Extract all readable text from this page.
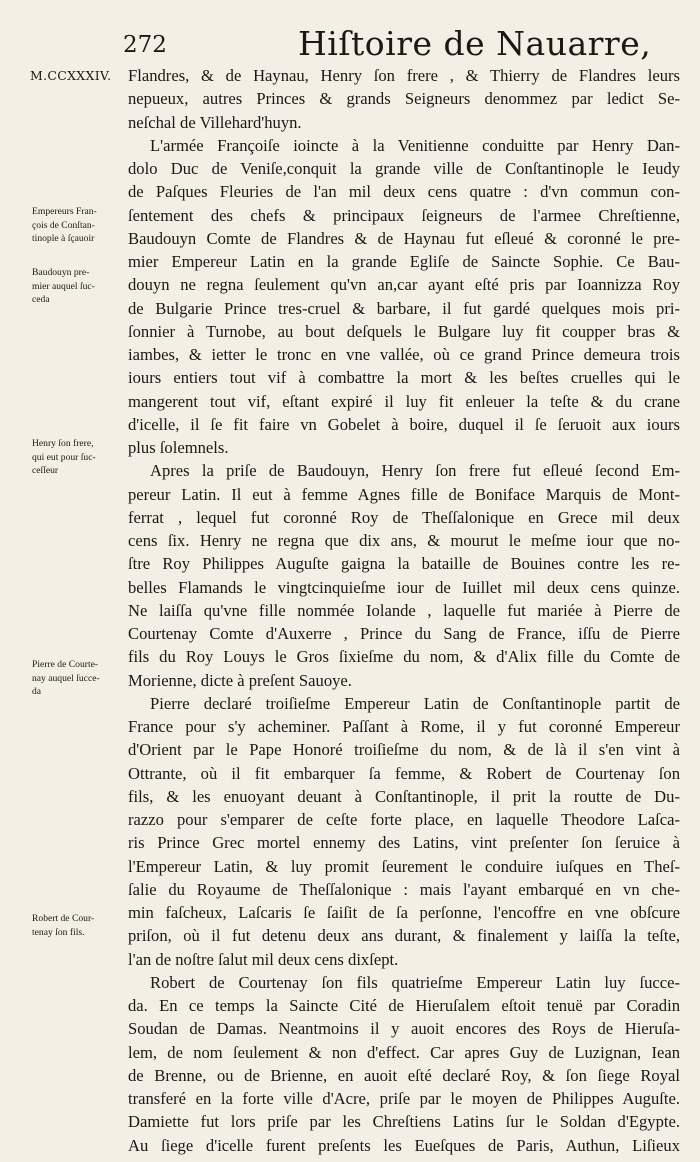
272	Hiſtoire de Nauarre,
M.CCXXXIV.
Empereurs Fran-
çois de Conſtan-
tinople à ſçauoir
Baudouyn pre-
mier auquel ſuc-
ceda
Henry ſon frere,
qui eut pour ſuc-
ceſſeur
Pierre de Courte-
nay auquel ſucce-
da
Robert de Cour-
tenay ſon fils.
Flandres, & de Haynau, Henry ſon frere , & Thierry de Flandres leurs
nepueux, autres Princes & grands Seigneurs denommez par ledict Se-
neſchal de Villehard'huyn.
L'armée Françoiſe ioincte à la Venitienne conduitte par Henry Dan-
dolo Duc de Veniſe,conquit la grande ville de Conſtantinople le Ieudy
de Paſques Fleuries de l'an mil deux cens quatre : d'vn commun con-
ſentement des chefs & principaux ſeigneurs de l'armee Chreſtienne,
Baudouyn Comte de Flandres & de Haynau fut eſleué & coronné le pre-
mier Empereur Latin en la grande Egliſe de Saincte Sophie. Ce Bau-
douyn ne regna ſeulement qu'vn an,car ayant eſté pris par Ioannizza Roy
de Bulgarie Prince tres-cruel & barbare, il fut gardé quelques mois pri-
ſonnier à Turnobe, au bout deſquels le Bulgare luy fit coupper bras &
iambes, & ietter le tronc en vne vallée, où ce grand Prince demeura trois
iours entiers tout vif à combattre la mort & les beſtes cruelles qui le
mangerent tout vif, eſtant expiré il luy fit enleuer la teſte & du crane
d'icelle, il ſe fit faire vn Gobelet à boire, duquel il ſe ſeruoit aux iours
plus ſolemnels.
Apres la priſe de Baudouyn, Henry ſon frere fut eſleué ſecond Em-
pereur Latin. Il eut à femme Agnes fille de Boniface Marquis de Mont-
ferrat , lequel fut coronné Roy de Theſſalonique en Grece mil deux
cens ſix. Henry ne regna que dix ans, & mourut le meſme iour que no-
ſtre Roy Philippes Auguſte gaigna la bataille de Bouines contre les re-
belles Flamands le vingtcinquieſme iour de Iuillet mil deux cens quinze.
Ne laiſſa qu'vne fille nommée Iolande , laquelle fut mariée à Pierre de
Courtenay Comte d'Auxerre , Prince du Sang de France, iſſu de Pierre
fils du Roy Louys le Gros ſixieſme du nom, & d'Alix fille du Comte de
Morienne, dicte à preſent Sauoye.
Pierre declaré troiſieſme Empereur Latin de Conſtantinople partit de
France pour s'y acheminer. Paſſant à Rome, il y fut coronné Empereur
d'Orient par le Pape Honoré troiſieſme du nom, & de là il s'en vint à
Ottrante, où il fit embarquer ſa femme, & Robert de Courtenay ſon
fils, & les enuoyant deuant à Conſtantinople, il prit la routte de Du-
razzo pour s'emparer de ceſte forte place, en laquelle Theodore Laſca-
ris Prince Grec mortel ennemy des Latins, vint preſenter ſon ſeruice à
l'Empereur Latin, & luy promit ſeurement le conduire iuſques en Theſ-
ſalie du Royaume de Theſſalonique : mais l'ayant embarqué en vn che-
min faſcheux, Laſcaris ſe ſaiſit de ſa perſonne, l'encoffre en vne obſcure
priſon, où il fut detenu deux ans durant, & finalement y laiſſa la teſte,
l'an de noſtre ſalut mil deux cens dixſept.
Robert de Courtenay ſon fils quatrieſme Empereur Latin luy ſucce-
da. En ce temps la Saincte Cité de Hieruſalem eſtoit tenuë par Coradin
Soudan de Damas. Neantmoins il y auoit encores des Roys de Hieruſa-
lem, de nom ſeulement & non d'effect. Car apres Guy de Luzignan, Iean
de Brenne, ou de Brienne, en auoit eſté declaré Roy, & ſon ſiege Royal
transferé en la forte ville d'Acre, priſe par le moyen de Philippes Auguſte.
Damiette fut lors priſe par les Chreſtiens Latins ſur le Soldan d'Egypte.
Au ſiege d'icelle furent preſents les Eueſques de Paris, Authun, Liſieux
